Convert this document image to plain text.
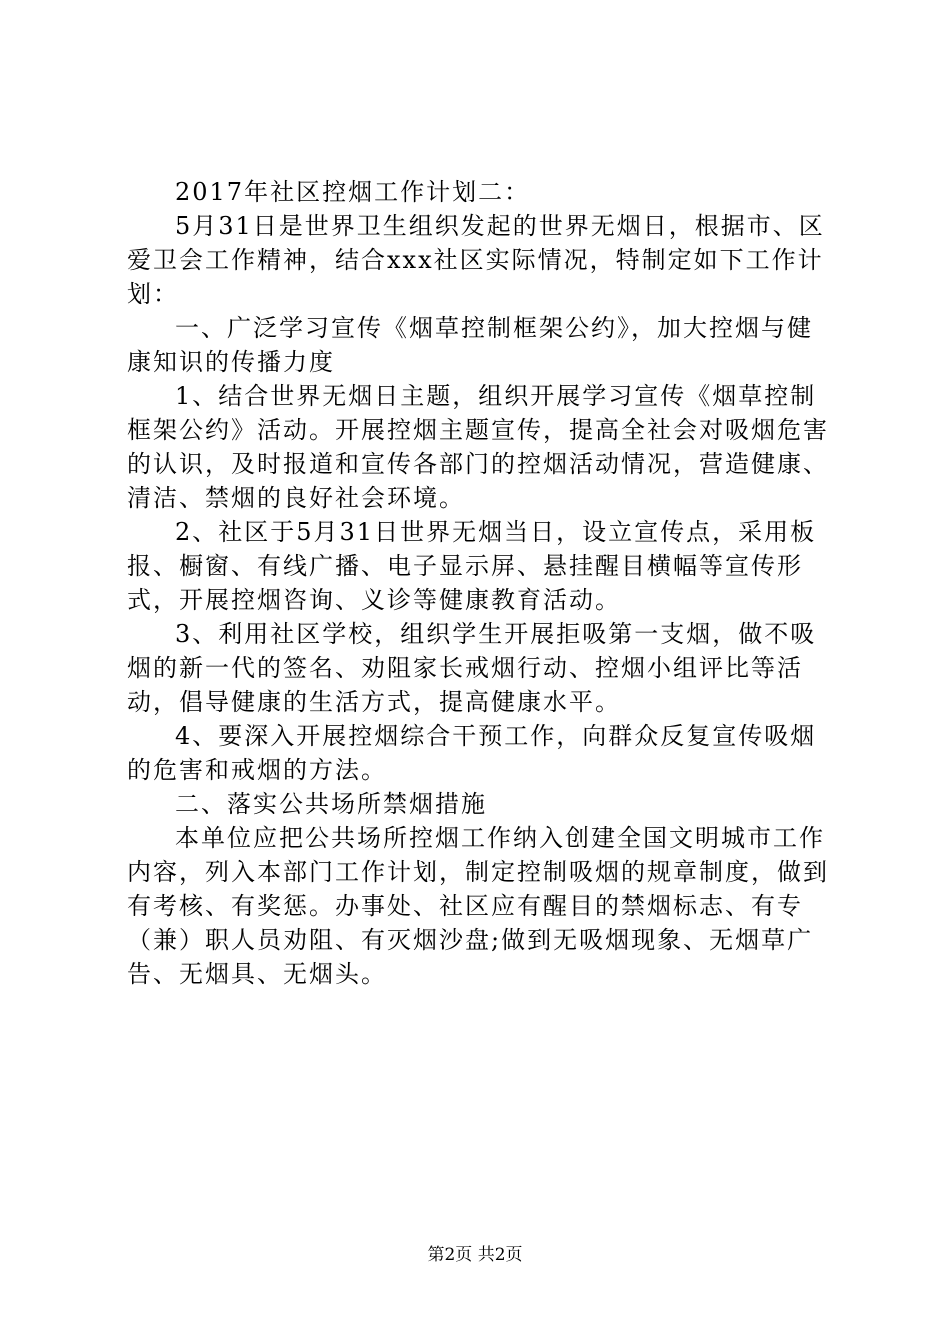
2017年社区控烟工作计划二：

5月31日是世界卫生组织发起的世界无烟日，根据市、区爱卫会工作精神，结合xxx社区实际情况，特制定如下工作计划：

一、广泛学习宣传《烟草控制框架公约》，加大控烟与健康知识的传播力度

1、结合世界无烟日主题，组织开展学习宣传《烟草控制框架公约》活动。开展控烟主题宣传，提高全社会对吸烟危害的认识，及时报道和宣传各部门的控烟活动情况，营造健康、清洁、禁烟的良好社会环境。

2、社区于5月31日世界无烟当日，设立宣传点，采用板报、橱窗、有线广播、电子显示屏、悬挂醒目横幅等宣传形式，开展控烟咨询、义诊等健康教育活动。

3、利用社区学校，组织学生开展拒吸第一支烟，做不吸烟的新一代的签名、劝阻家长戒烟行动、控烟小组评比等活动，倡导健康的生活方式，提高健康水平。

4、要深入开展控烟综合干预工作，向群众反复宣传吸烟的危害和戒烟的方法。

二、落实公共场所禁烟措施

本单位应把公共场所控烟工作纳入创建全国文明城市工作内容，列入本部门工作计划，制定控制吸烟的规章制度，做到有考核、有奖惩。办事处、社区应有醒目的禁烟标志、有专（兼）职人员劝阻、有灭烟沙盘;做到无吸烟现象、无烟草广告、无烟具、无烟头。

第2页 共2页
